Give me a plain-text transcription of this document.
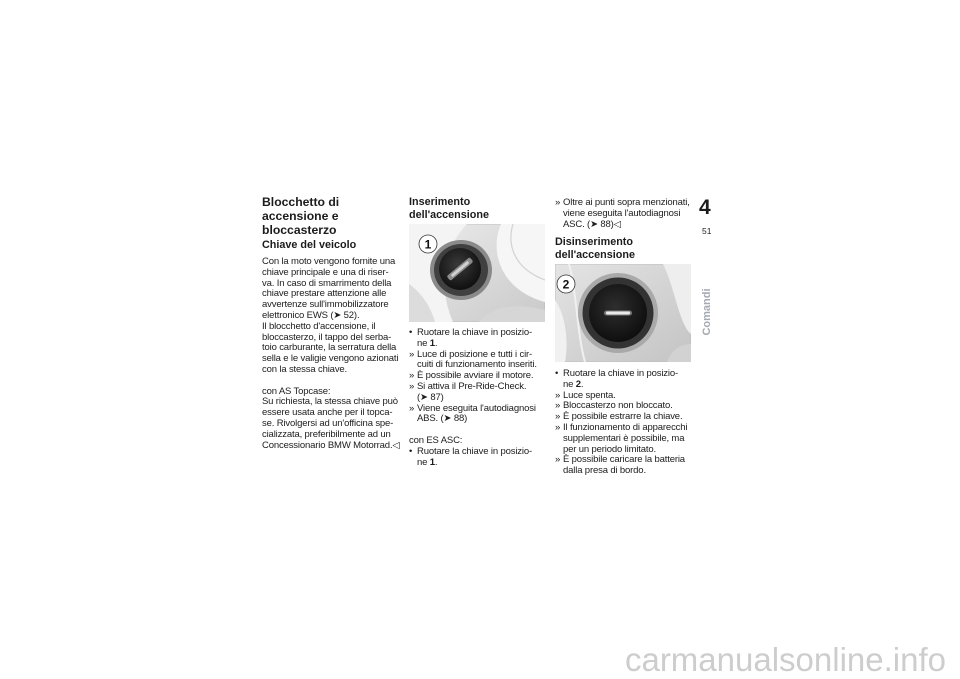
Blocchetto di
accensione e
bloccasterzo
Chiave del veicolo
Con la moto vengono fornite una
chiave principale e una di riser-
va. In caso di smarrimento della
chiave prestare attenzione alle
avvertenze sull'immobilizzatore
elettronico EWS (➤ 52).
Il blocchetto d'accensione, il
bloccasterzo, il tappo del serba-
toio carburante, la serratura della
sella e le valigie vengono azionati
con la stessa chiave.
con AS Topcase:
Su richiesta, la stessa chiave può
essere usata anche per il topca-
se. Rivolgersi ad un'officina spe-
cializzata, preferibilmente ad un
Concessionario BMW Motorrad.◁
Inserimento
dell'accensione
1
• Ruotare la chiave in posizio-
ne 1.
» Luce di posizione e tutti i cir-
cuiti di funzionamento inseriti.
» È possibile avviare il motore.
» Si attiva il Pre-Ride-Check.
(➤ 87)
» Viene eseguita l'autodiagnosi
ABS. (➤ 88)
con ES ASC:
• Ruotare la chiave in posizio-
ne 1.
» Oltre ai punti sopra menzionati,
viene eseguita l'autodiagnosi
ASC. (➤ 88)◁
Disinserimento
dell'accensione
2
• Ruotare la chiave in posizio-
ne 2.
» Luce spenta.
» Bloccasterzo non bloccato.
» È possibile estrarre la chiave.
» Il funzionamento di apparecchi
supplementari è possibile, ma
per un periodo limitato.
» È possibile caricare la batteria
dalla presa di bordo.
4
51
Comandi
carmanualsonline.info
